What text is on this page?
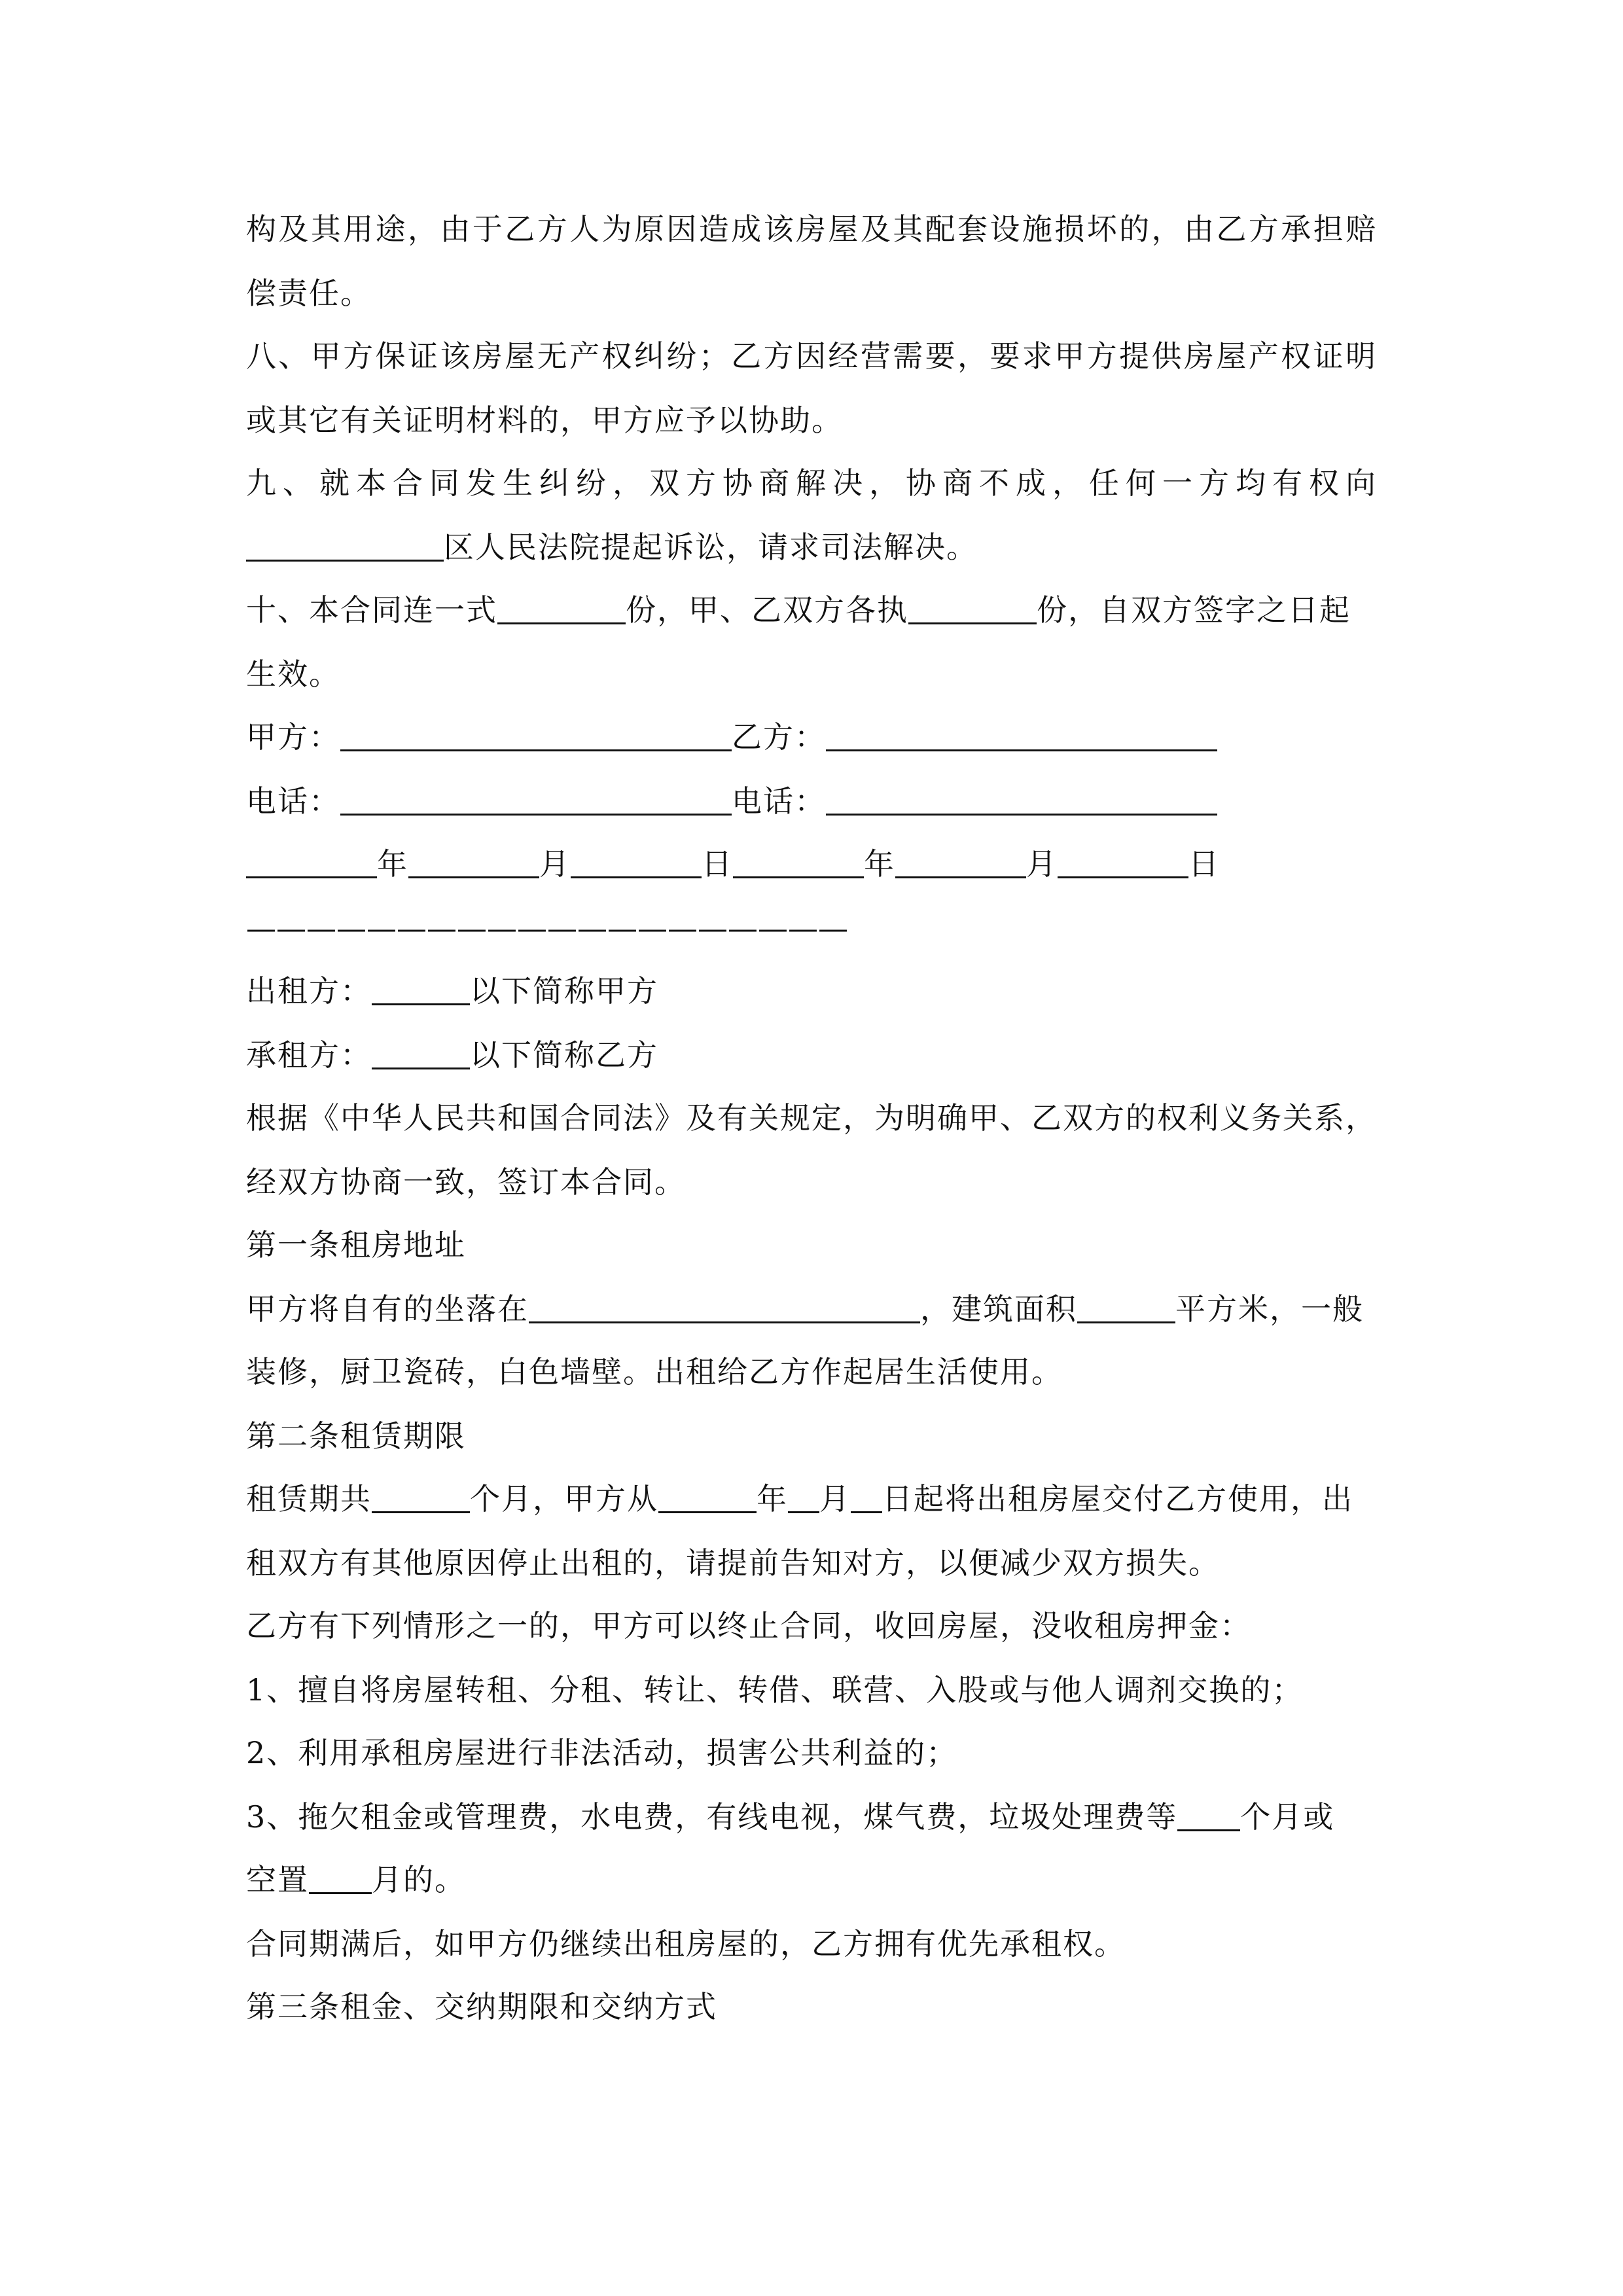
构及其用途，由于乙方人为原因造成该房屋及其配套设施损坏的，由乙方承担赔

偿责任。

八、甲方保证该房屋无产权纠纷；乙方因经营需要，要求甲方提供房屋产权证明

或其它有关证明材料的，甲方应予以协助。

九、就本合同发生纠纷，双方协商解决，协商不成，任何一方均有权向

区人民法院提起诉讼，请求司法解决。

十、本合同连一式	份，甲、乙双方各执	份，自双方签字之日起

生效。

甲方：	乙方：

电话：	电话：

年	月	日	年	月	日

————————————————————

出租方：	以下简称甲方

承租方：	以下简称乙方

根据《中华人民共和国合同法》及有关规定，为明确甲、乙双方的权利义务关系，

经双方协商一致，签订本合同。

第一条租房地址

甲方将自有的坐落在	，建筑面积	平方米，一般

装修，厨卫瓷砖，白色墙壁。出租给乙方作起居生活使用。

第二条租赁期限

租赁期共	个月，甲方从	年 月 日起将出租房屋交付乙方使用，出

租双方有其他原因停止出租的，请提前告知对方，以便减少双方损失。

乙方有下列情形之一的，甲方可以终止合同，收回房屋，没收租房押金：

1、擅自将房屋转租、分租、转让、转借、联营、入股或与他人调剂交换的；

2、利用承租房屋进行非法活动，损害公共利益的；

3、拖欠租金或管理费，水电费，有线电视，煤气费，垃圾处理费等 个月或

空置 月的。

合同期满后，如甲方仍继续出租房屋的，乙方拥有优先承租权。

第三条租金、交纳期限和交纳方式
